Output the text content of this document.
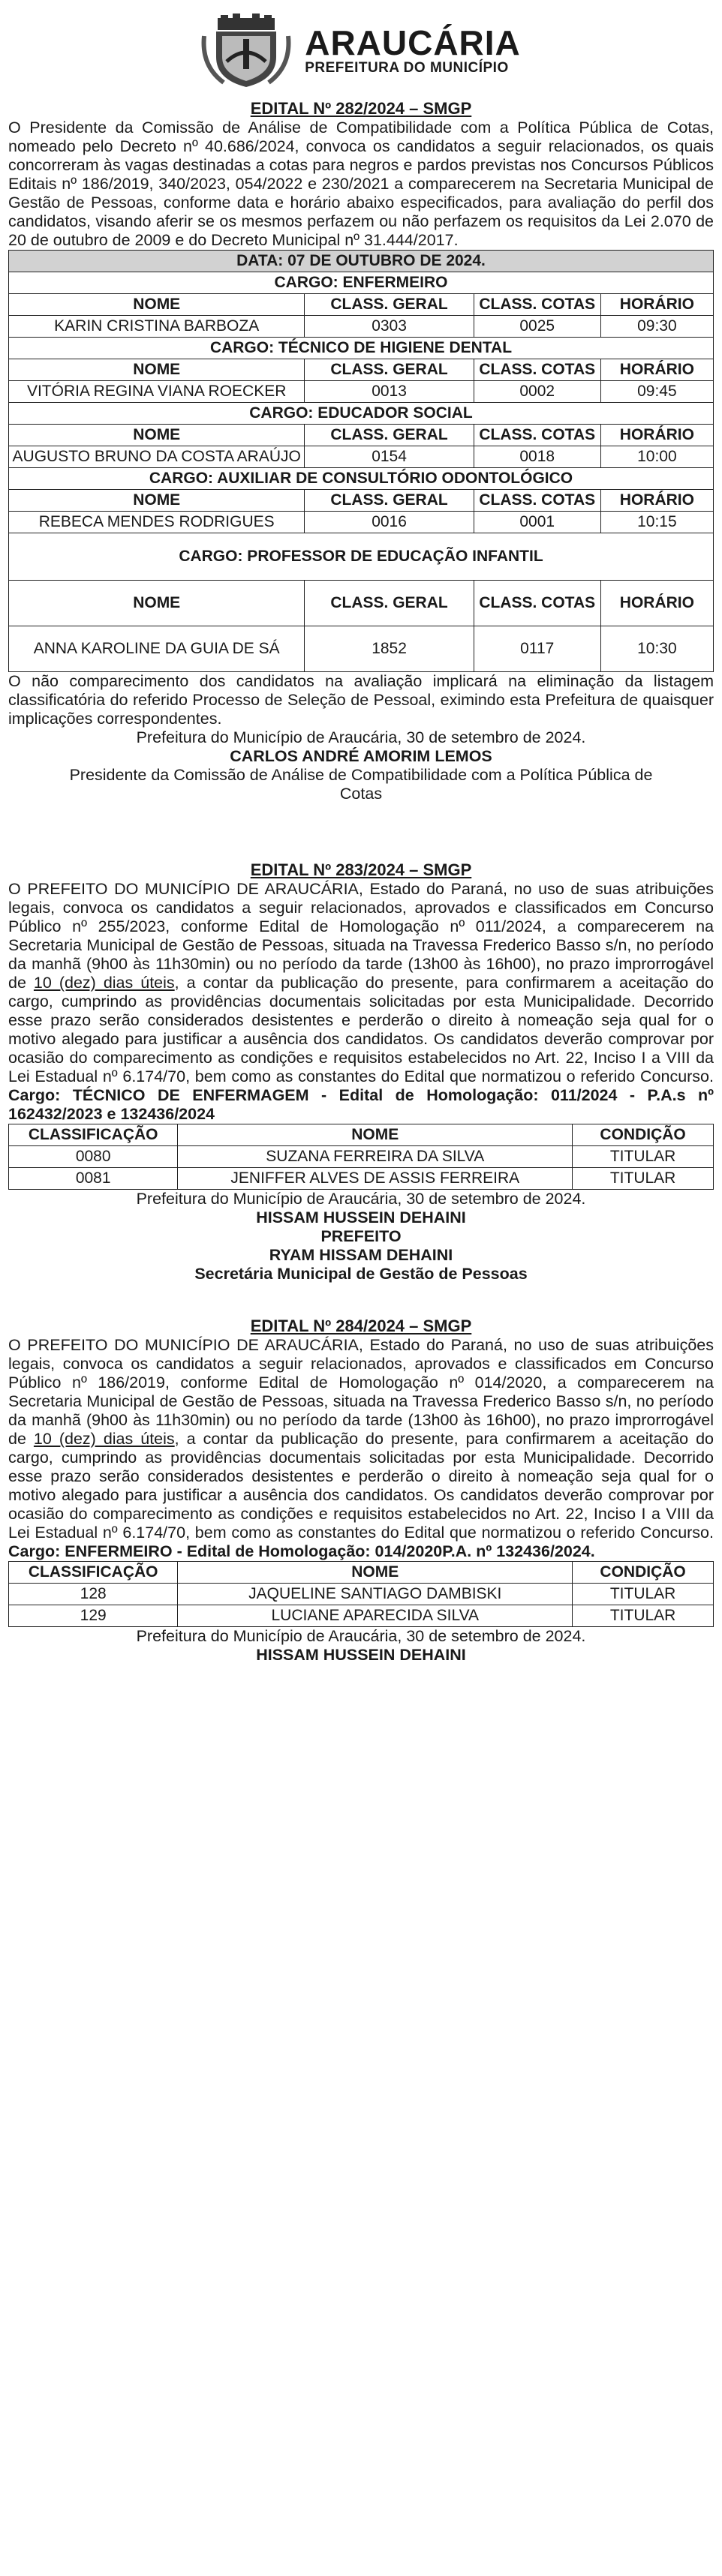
ARAUCÁRIA
PREFEITURA DO MUNICÍPIO
EDITAL Nº 282/2024 – SMGP

O Presidente da Comissão de Análise de Compatibilidade com a Política Pública de Cotas, nomeado pelo Decreto nº 40.686/2024, convoca os candidatos a seguir relacionados, os quais concorreram às vagas destinadas a cotas para negros e pardos previstas nos Concursos Públicos Editais nº 186/2019, 340/2023, 054/2022 e 230/2021 a comparecerem na Secretaria Municipal de Gestão de Pessoas, conforme data e horário abaixo especificados, para avaliação do perfil dos candidatos, visando aferir se os mesmos perfazem ou não perfazem os requisitos da Lei 2.070 de 20 de outubro de 2009 e do Decreto Municipal nº 31.444/2017.

DATA: 07 DE OUTUBRO DE 2024.			
CARGO: ENFERMEIRO			
NOME	CLASS. GERAL	CLASS. COTAS	HORÁRIO
KARIN CRISTINA BARBOZA	0303	0025	09:30
CARGO: TÉCNICO DE HIGIENE DENTAL			
NOME	CLASS. GERAL	CLASS. COTAS	HORÁRIO
VITÓRIA REGINA VIANA ROECKER	0013	0002	09:45
CARGO: EDUCADOR SOCIAL			
NOME	CLASS. GERAL	CLASS. COTAS	HORÁRIO
AUGUSTO BRUNO DA COSTA ARAÚJO	0154	0018	10:00
CARGO: AUXILIAR DE CONSULTÓRIO ODONTOLÓGICO			
NOME	CLASS. GERAL	CLASS. COTAS	HORÁRIO
REBECA MENDES RODRIGUES	0016	0001	10:15
CARGO: PROFESSOR DE EDUCAÇÃO INFANTIL			
NOME	CLASS. GERAL	CLASS. COTAS	HORÁRIO
ANNA KAROLINE DA GUIA DE SÁ	1852	0117	10:30

O não comparecimento dos candidatos na avaliação implicará na eliminação da listagem classificatória do referido Processo de Seleção de Pessoal, eximindo esta Prefeitura de quaisquer implicações correspondentes.

Prefeitura do Município de Araucária, 30 de setembro de 2024.
CARLOS ANDRÉ AMORIM LEMOS
Presidente da Comissão de Análise de Compatibilidade com a Política Pública de Cotas
EDITAL Nº 283/2024 – SMGP

O PREFEITO DO MUNICÍPIO DE ARAUCÁRIA, Estado do Paraná, no uso de suas atribuições legais, convoca os candidatos a seguir relacionados, aprovados e classificados em Concurso Público nº 255/2023, conforme Edital de Homologação nº 011/2024, a comparecerem na Secretaria Municipal de Gestão de Pessoas, situada na Travessa Frederico Basso s/n, no período da manhã (9h00 às 11h30min) ou no período da tarde (13h00 às 16h00), no prazo improrrogável de 10 (dez) dias úteis, a contar da publicação do presente, para confirmarem a aceitação do cargo, cumprindo as providências documentais solicitadas por esta Municipalidade. Decorrido esse prazo serão considerados desistentes e perderão o direito à nomeação seja qual for o motivo alegado para justificar a ausência dos candidatos. Os candidatos deverão comprovar por ocasião do comparecimento as condições e requisitos estabelecidos no Art. 22, Inciso I a VIII da Lei Estadual nº 6.174/70, bem como as constantes do Edital que normatizou o referido Concurso. Cargo: TÉCNICO DE ENFERMAGEM - Edital de Homologação: 011/2024 - P.A.s nº 162432/2023 e 132436/2024

CLASSIFICAÇÃO	NOME	CONDIÇÃO
0080	SUZANA FERREIRA DA SILVA	TITULAR
0081	JENIFFER ALVES DE ASSIS FERREIRA	TITULAR
Prefeitura do Município de Araucária, 30 de setembro de 2024.
HISSAM HUSSEIN DEHAINI
PREFEITO
RYAM HISSAM DEHAINI
Secretária Municipal de Gestão de Pessoas
EDITAL Nº 284/2024 – SMGP

O PREFEITO DO MUNICÍPIO DE ARAUCÁRIA, Estado do Paraná, no uso de suas atribuições legais, convoca os candidatos a seguir relacionados, aprovados e classificados em Concurso Público nº 186/2019, conforme Edital de Homologação nº 014/2020, a comparecerem na Secretaria Municipal de Gestão de Pessoas, situada na Travessa Frederico Basso s/n, no período da manhã (9h00 às 11h30min) ou no período da tarde (13h00 às 16h00), no prazo improrrogável de 10 (dez) dias úteis, a contar da publicação do presente, para confirmarem a aceitação do cargo, cumprindo as providências documentais solicitadas por esta Municipalidade. Decorrido esse prazo serão considerados desistentes e perderão o direito à nomeação seja qual for o motivo alegado para justificar a ausência dos candidatos. Os candidatos deverão comprovar por ocasião do comparecimento as condições e requisitos estabelecidos no Art. 22, Inciso I a VIII da Lei Estadual nº 6.174/70, bem como as constantes do Edital que normatizou o referido Concurso. Cargo: ENFERMEIRO - Edital de Homologação: 014/2020P.A. nº 132436/2024.

CLASSIFICAÇÃO	NOME	CONDIÇÃO
128	JAQUELINE SANTIAGO DAMBISKI	TITULAR
129	LUCIANE APARECIDA SILVA	TITULAR
Prefeitura do Município de Araucária, 30 de setembro de 2024.
HISSAM HUSSEIN DEHAINI
